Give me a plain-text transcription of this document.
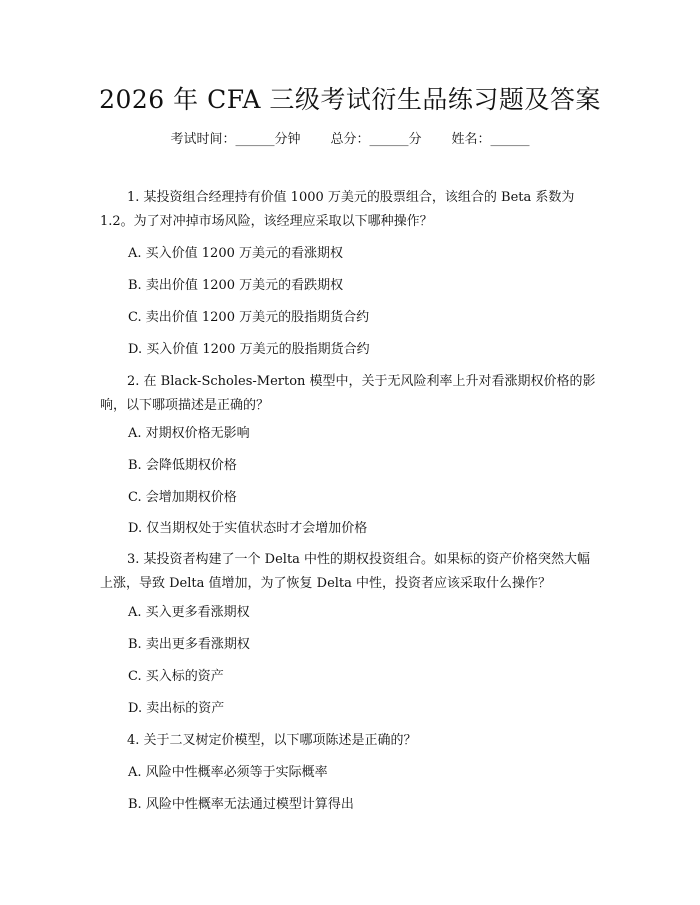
2026 年 CFA 三级考试衍生品练习题及答案

考试时间：______分钟 总分：______分 姓名：______

1. 某投资组合经理持有价值 1000 万美元的股票组合，该组合的 Beta 系数为 1.2。为了对冲掉市场风险，该经理应采取以下哪种操作？

A. 买入价值 1200 万美元的看涨期权

B. 卖出价值 1200 万美元的看跌期权

C. 卖出价值 1200 万美元的股指期货合约

D. 买入价值 1200 万美元的股指期货合约

2. 在 Black-Scholes-Merton 模型中，关于无风险利率上升对看涨期权价格的影响，以下哪项描述是正确的？

A. 对期权价格无影响

B. 会降低期权价格

C. 会增加期权价格

D. 仅当期权处于实值状态时才会增加价格

3. 某投资者构建了一个 Delta 中性的期权投资组合。如果标的资产价格突然大幅上涨，导致 Delta 值增加，为了恢复 Delta 中性，投资者应该采取什么操作？

A. 买入更多看涨期权

B. 卖出更多看涨期权

C. 买入标的资产

D. 卖出标的资产

4. 关于二叉树定价模型，以下哪项陈述是正确的？

A. 风险中性概率必须等于实际概率

B. 风险中性概率无法通过模型计算得出
